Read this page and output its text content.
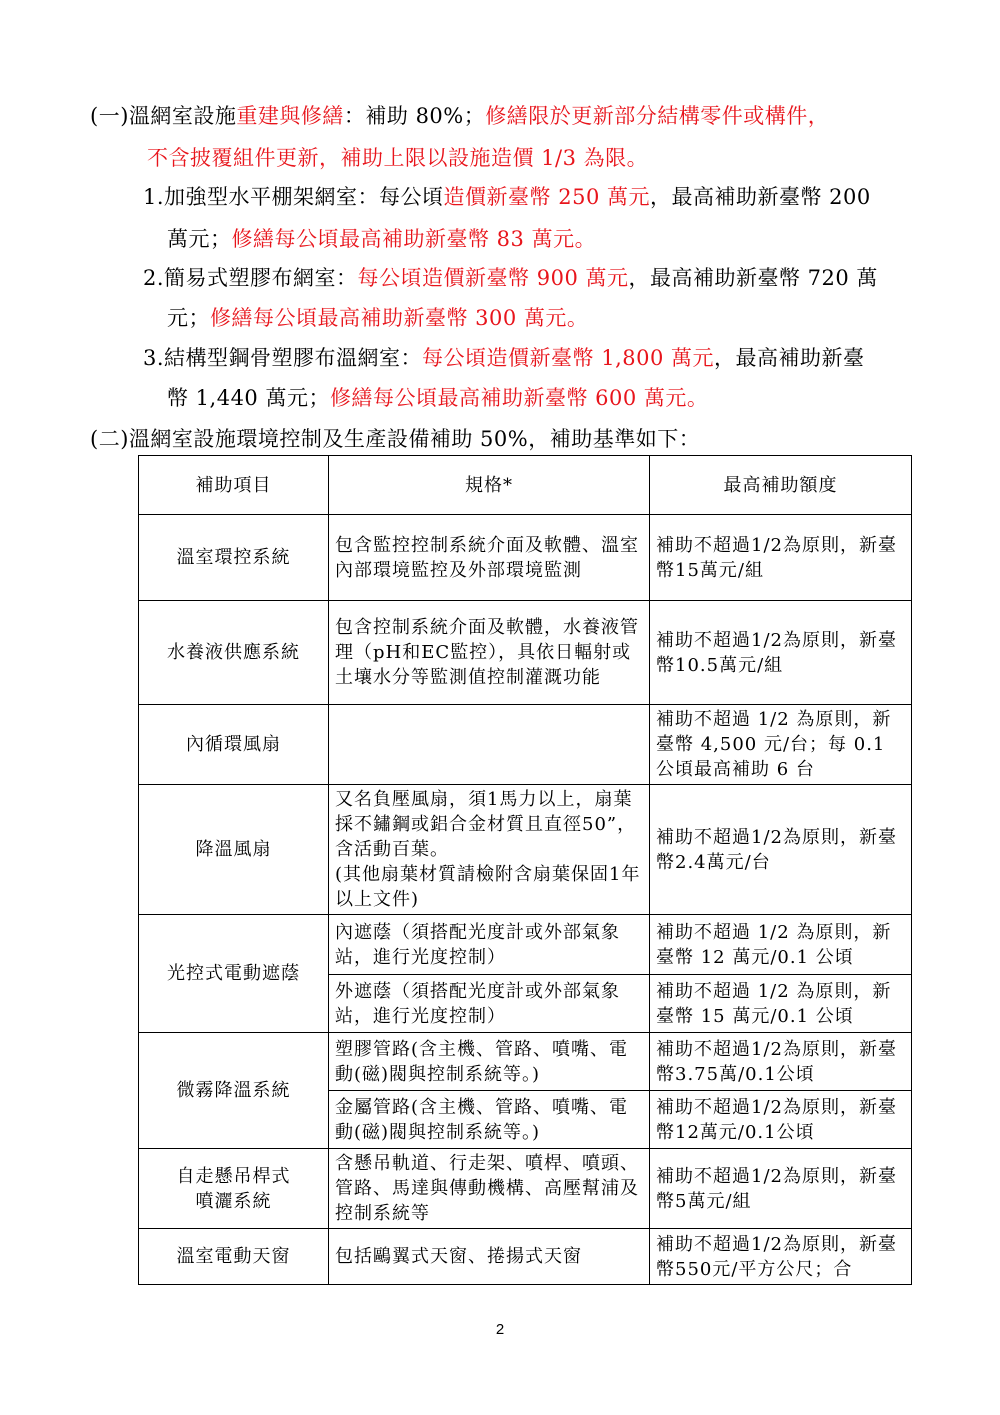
(一)溫網室設施重建與修繕：補助 80%；修繕限於更新部分結構零件或構件，
不含披覆組件更新，補助上限以設施造價 1/3 為限。
1.加強型水平棚架網室：每公頃造價新臺幣 250 萬元，最高補助新臺幣 200
萬元；修繕每公頃最高補助新臺幣 83 萬元。
2.簡易式塑膠布網室：每公頃造價新臺幣 900 萬元，最高補助新臺幣 720 萬
元；修繕每公頃最高補助新臺幣 300 萬元。
3.結構型鋼骨塑膠布溫網室：每公頃造價新臺幣 1,800 萬元，最高補助新臺
幣 1,440 萬元；修繕每公頃最高補助新臺幣 600 萬元。
(二)溫網室設施環境控制及生產設備補助 50%，補助基準如下：
補助項目	規格*	最高補助額度
溫室環控系統	包含監控控制系統介面及軟體、溫室內部環境監控及外部環境監測	補助不超過1/2為原則，新臺幣15萬元/組
水養液供應系統	包含控制系統介面及軟體，水養液管理（pH和EC監控），具依日輻射或土壤水分等監測值控制灌溉功能	補助不超過1/2為原則，新臺幣10.5萬元/組
內循環風扇		補助不超過 1/2 為原則，新臺幣 4,500 元/台；每 0.1 公頃最高補助 6 台
降溫風扇	又名負壓風扇，須1馬力以上，扇葉採不鏽鋼或鋁合金材質且直徑50”，含活動百葉。
(其他扇葉材質請檢附含扇葉保固1年以上文件)	補助不超過1/2為原則，新臺幣2.4萬元/台
光控式電動遮蔭	內遮蔭（須搭配光度計或外部氣象站，進行光度控制）	補助不超過 1/2 為原則，新臺幣 12 萬元/0.1 公頃
	外遮蔭（須搭配光度計或外部氣象站，進行光度控制）	補助不超過 1/2 為原則，新臺幣 15 萬元/0.1 公頃
微霧降溫系統	塑膠管路(含主機、管路、噴嘴、電動(磁)閥與控制系統等。)	補助不超過1/2為原則，新臺幣3.75萬/0.1公頃
	金屬管路(含主機、管路、噴嘴、電動(磁)閥與控制系統等。)	補助不超過1/2為原則，新臺幣12萬元/0.1公頃

自走懸吊桿式
噴灑系統	含懸吊軌道、行走架、噴桿、噴頭、管路、馬達與傳動機構、高壓幫浦及控制系統等	補助不超過1/2為原則，新臺幣5萬元/組
溫室電動天窗	包括鷗翼式天窗、捲揚式天窗	補助不超過1/2為原則，新臺幣550元/平方公尺；合
2
